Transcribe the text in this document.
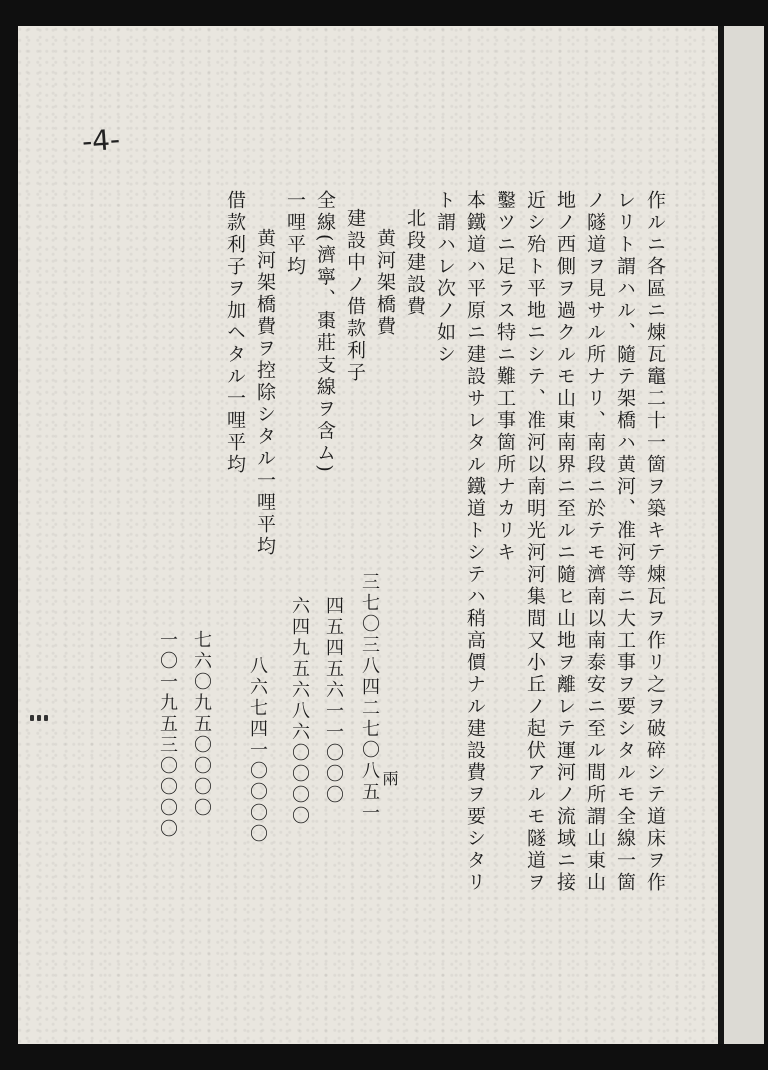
-4-

作ルニ各區ニ煉瓦竈二十一箇ヲ築キテ煉瓦ヲ作リ之ヲ破碎シテ道床ヲ作

レリト謂ハル、隨テ架橋ハ黄河、准河等ニ大工事ヲ要シタルモ全線一箇

ノ隧道ヲ見サル所ナリ、南段ニ於テモ濟南以南泰安ニ至ル間所謂山東山

地ノ西側ヲ過クルモ山東南界ニ至ルニ隨ヒ山地ヲ離レテ運河ノ流域ニ接

近シ殆ト平地ニシテ、准河以南明光河河集間又小丘ノ起伏アルモ隧道ヲ

鑿ツニ足ラス特ニ難工事箇所ナカリキ

本鐵道ハ平原ニ建設サレタル鐵道トシテハ稍高價ナル建設費ヲ要シタリ

ト謂ハレ次ノ如シ

北段建設費

黄河架橋費

建設中ノ借款利子

全線(濟寧、棗莊支線ヲ含ム)

一哩平均

黄河架橋費ヲ控除シタル一哩平均

借款利子ヲ加ヘタル一哩平均

兩
三七〇三八四二七〇八五一
四五四五六一一〇〇〇
六四九五六八六〇〇〇〇
八六七四一〇〇〇〇
七六〇九五〇〇〇〇
一〇一九五三〇〇〇〇
